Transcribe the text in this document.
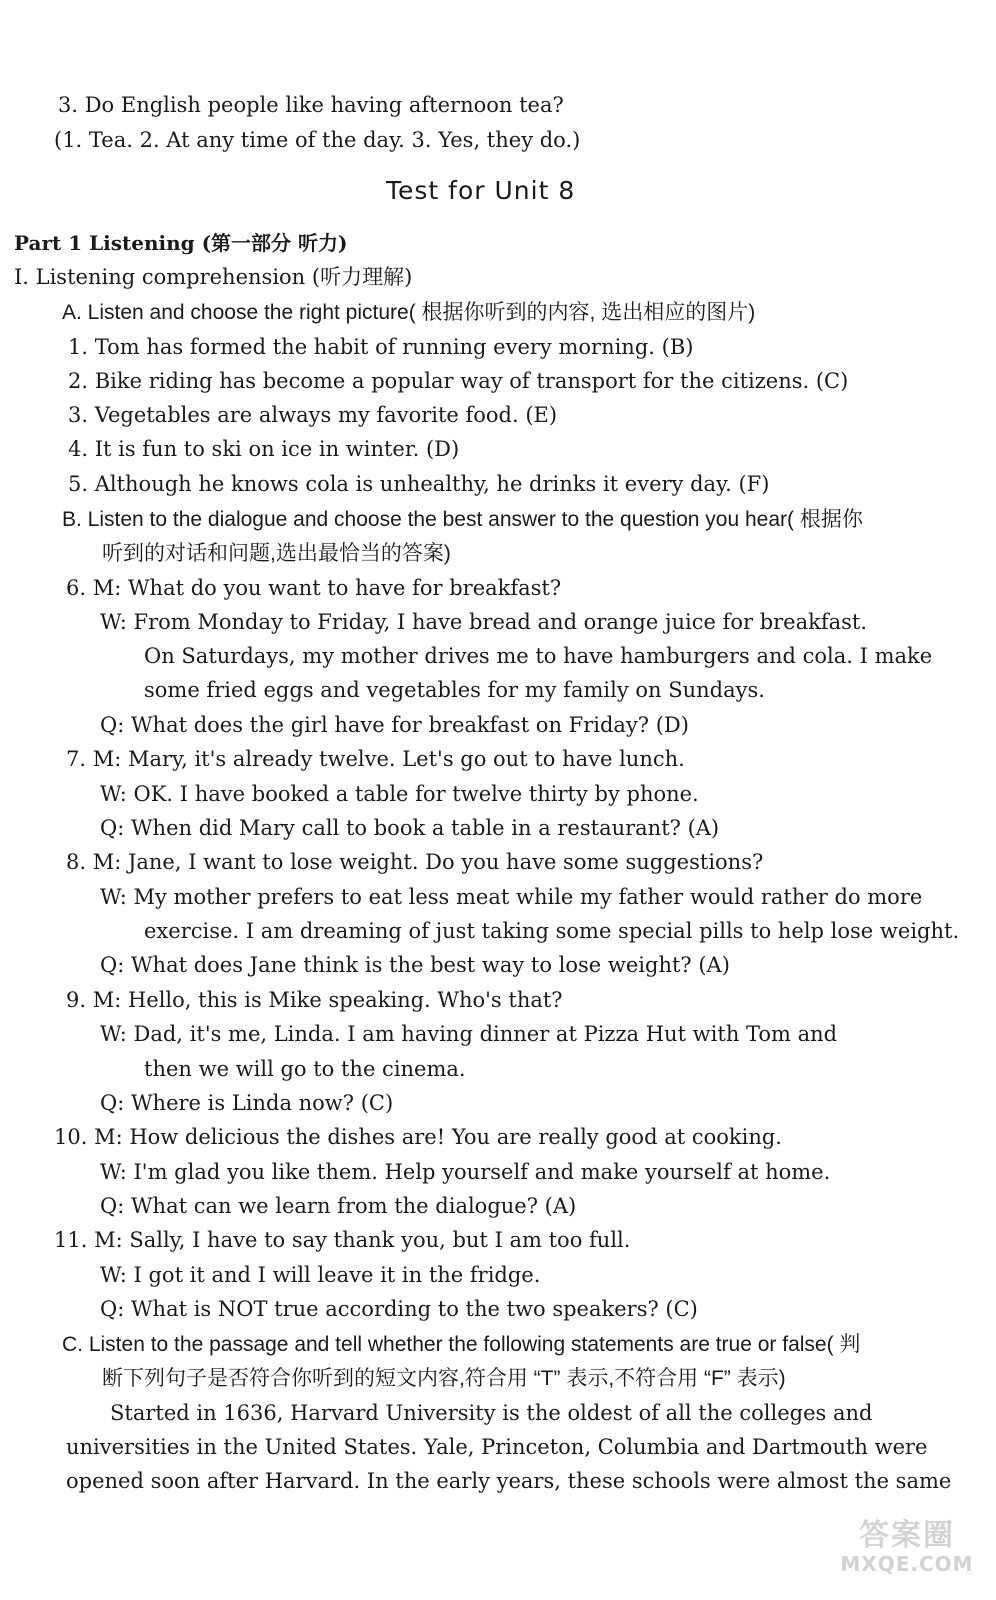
3. Do English people like having afternoon tea?
(1. Tea. 2. At any time of the day. 3. Yes, they do.)
Test for Unit 8
Part 1 Listening (第一部分 听力)
I. Listening comprehension (听力理解)
A. Listen and choose the right picture( 根据你听到的内容, 选出相应的图片)
1. Tom has formed the habit of running every morning. (B)
2. Bike riding has become a popular way of transport for the citizens. (C)
3. Vegetables are always my favorite food. (E)
4. It is fun to ski on ice in winter. (D)
5. Although he knows cola is unhealthy, he drinks it every day. (F)
B. Listen to the dialogue and choose the best answer to the question you hear( 根据你
听到的对话和问题,选出最恰当的答案)
6. M: What do you want to have for breakfast?
W: From Monday to Friday, I have bread and orange juice for breakfast.
On Saturdays, my mother drives me to have hamburgers and cola. I make
some fried eggs and vegetables for my family on Sundays.
Q: What does the girl have for breakfast on Friday? (D)
7. M: Mary, it's already twelve. Let's go out to have lunch.
W: OK. I have booked a table for twelve thirty by phone.
Q: When did Mary call to book a table in a restaurant? (A)
8. M: Jane, I want to lose weight. Do you have some suggestions?
W: My mother prefers to eat less meat while my father would rather do more
exercise. I am dreaming of just taking some special pills to help lose weight.
Q: What does Jane think is the best way to lose weight? (A)
9. M: Hello, this is Mike speaking. Who's that?
W: Dad, it's me, Linda. I am having dinner at Pizza Hut with Tom and
then we will go to the cinema.
Q: Where is Linda now? (C)
10. M: How delicious the dishes are! You are really good at cooking.
W: I'm glad you like them. Help yourself and make yourself at home.
Q: What can we learn from the dialogue? (A)
11. M: Sally, I have to say thank you, but I am too full.
W: I got it and I will leave it in the fridge.
Q: What is NOT true according to the two speakers? (C)
C. Listen to the passage and tell whether the following statements are true or false( 判
断下列句子是否符合你听到的短文内容,符合用 “T” 表示,不符合用 “F” 表示)
Started in 1636, Harvard University is the oldest of all the colleges and
universities in the United States. Yale, Princeton, Columbia and Dartmouth were
opened soon after Harvard. In the early years, these schools were almost the same
答案圈
MXQE.COM
